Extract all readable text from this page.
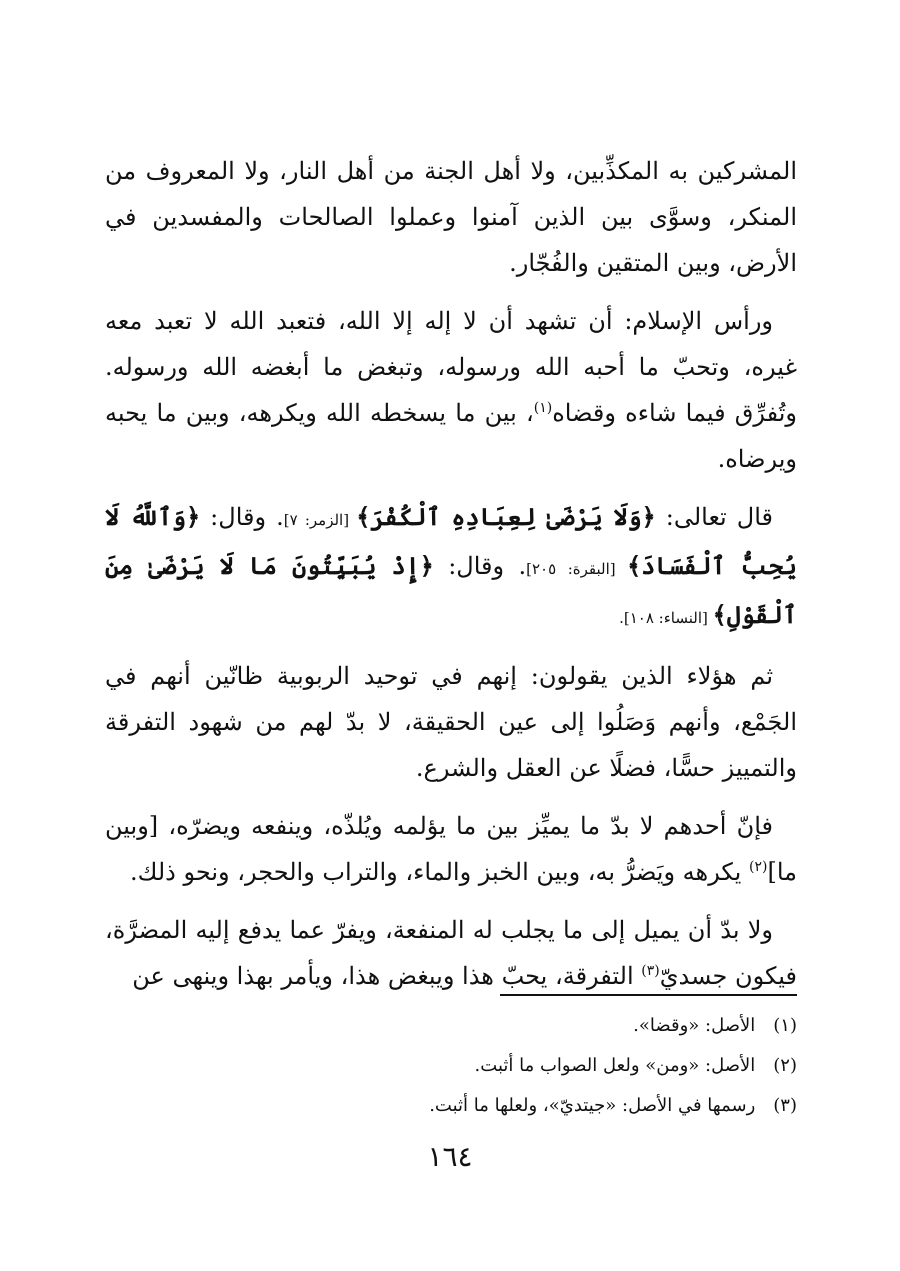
المشركين به المكذِّبين، ولا أهل الجنة من أهل النار، ولا المعروف من المنكر، وسوَّى بين الذين آمنوا وعملوا الصالحات والمفسدين في الأرض، وبين المتقين والفُجّار.

ورأس الإسلام: أن تشهد أن لا إله إلا الله، فتعبد الله لا تعبد معه غيره، وتحبّ ما أحبه الله ورسوله، وتبغض ما أبغضه الله ورسوله. وتُفرِّق فيما شاءه وقضاه$^{(١)}$، بين ما يسخطه الله ويكرهه، وبين ما يحبه ويرضاه.

قال تعالى: ﴿وَلَا يَرْضَىٰ لِعِبَادِهِ ٱلْكُفْرَ﴾ [الزمر: ٧]. وقال: ﴿وَٱللَّهُ لَا يُحِبُّ ٱلْفَسَادَ﴾ [البقرة: ٢٠٥]. وقال: ﴿إِذْ يُبَيِّتُونَ مَا لَا يَرْضَىٰ مِنَ ٱلْقَوْلِ﴾ [النساء: ١٠٨].

ثم هؤلاء الذين يقولون: إنهم في توحيد الربوبية ظانّين أنهم في الجَمْع، وأنهم وَصَلُوا إلى عين الحقيقة، لا بدّ لهم من شهود التفرقة والتمييز حسًّا، فضلًا عن العقل والشرع.

فإنّ أحدهم لا بدّ ما يميِّز بين ما يؤلمه ويُلذّه، وينفعه ويضرّه، [وبين ما]$^{(٢)}$ يكرهه ويَضرُّ به، وبين الخبز والماء، والتراب والحجر، ونحو ذلك.

ولا بدّ أن يميل إلى ما يجلب له المنفعة، ويفرّ عما يدفع إليه المضرَّة، فيكون جسديّ$^{(٣)}$ التفرقة، يحبّ هذا ويبغض هذا، ويأمر بهذا وينهى عن

(١) الأصل: «وقضا».
(٢) الأصل: «ومن» ولعل الصواب ما أثبت.
(٣) رسمها في الأصل: «جيتديّ»، ولعلها ما أثبت.
١٦٤
